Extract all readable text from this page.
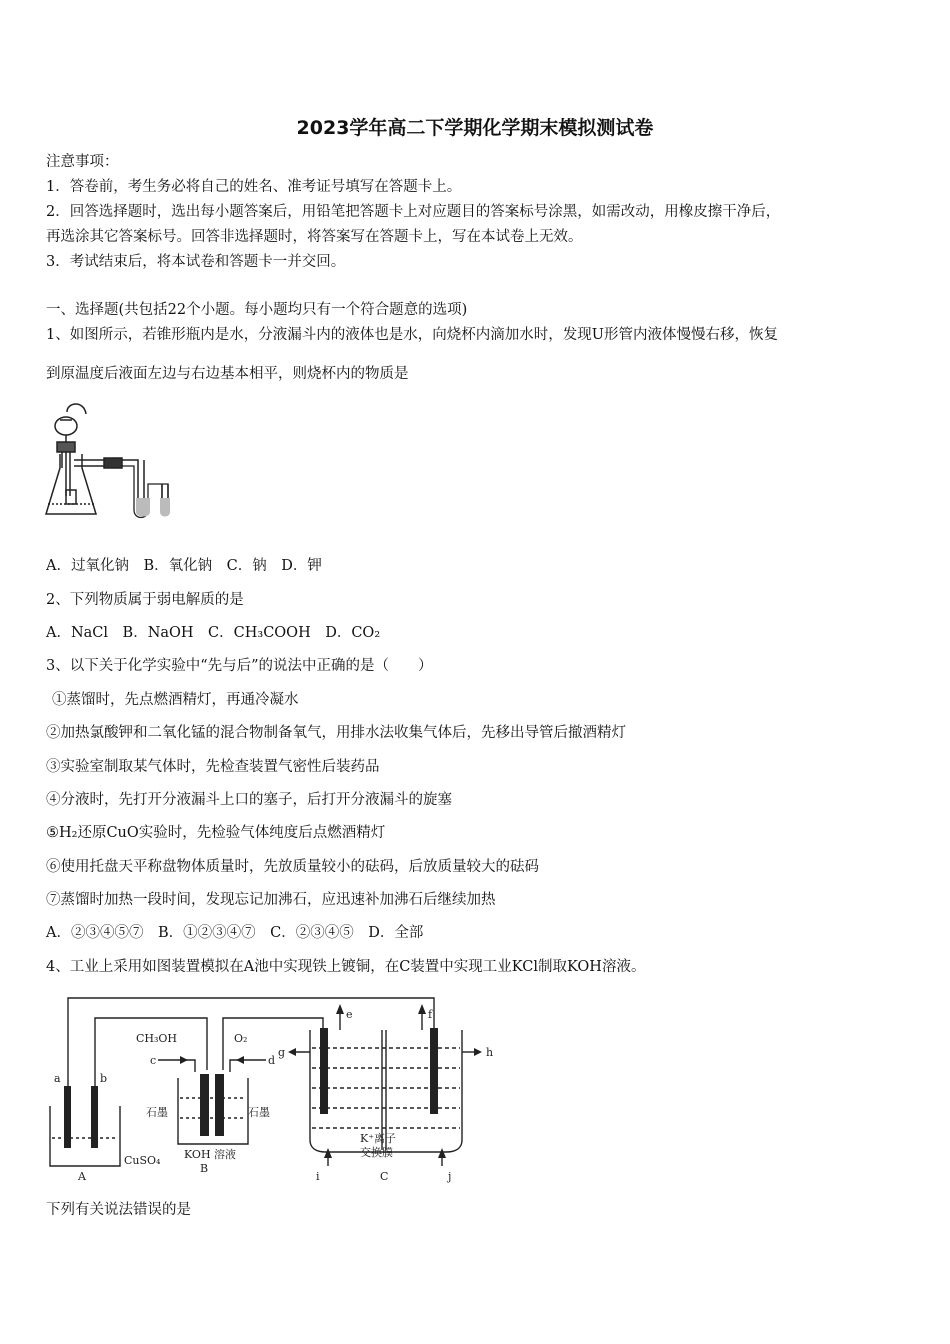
2023学年高二下学期化学期末模拟测试卷
注意事项：
1．答卷前，考生务必将自己的姓名、准考证号填写在答题卡上。
2．回答选择题时，选出每小题答案后，用铅笔把答题卡上对应题目的答案标号涂黑，如需改动，用橡皮擦干净后，
再选涂其它答案标号。回答非选择题时，将答案写在答题卡上，写在本试卷上无效。
3．考试结束后，将本试卷和答题卡一并交回。
一、选择题(共包括22个小题。每小题均只有一个符合题意的选项)
1、如图所示，若锥形瓶内是水，分液漏斗内的液体也是水，向烧杯内滴加水时，发现U形管内液体慢慢右移，恢复
到原温度后液面左边与右边基本相平，则烧杯内的物质是
A．过氧化钠　B．氧化钠　C．钠　D．钾
2、下列物质属于弱电解质的是
A．NaCl　B．NaOH　C．CH₃COOH　D．CO₂
3、以下关于化学实验中“先与后”的说法中正确的是（　　）
①蒸馏时，先点燃酒精灯，再通冷凝水
②加热氯酸钾和二氧化锰的混合物制备氧气，用排水法收集气体后，先移出导管后撤酒精灯
③实验室制取某气体时，先检查装置气密性后装药品
④分液时，先打开分液漏斗上口的塞子，后打开分液漏斗的旋塞
⑤H₂还原CuO实验时，先检验气体纯度后点燃酒精灯
⑥使用托盘天平称盘物体质量时，先放质量较小的砝码，后放质量较大的砝码
⑦蒸馏时加热一段时间，发现忘记加沸石，应迅速补加沸石后继续加热
A．②③④⑤⑦　B．①②③④⑦　C．②③④⑤　D．全部
4、工业上采用如图装置模拟在A池中实现铁上镀铜，在C装置中实现工业KCl制取KOH溶液。
a	b
CH₃OH	O₂
c	d
石墨	石墨
KOH 溶液
B
CuSO₄
A
e	f
g	h
i	j
K⁺离子
交换膜
C
下列有关说法错误的是
